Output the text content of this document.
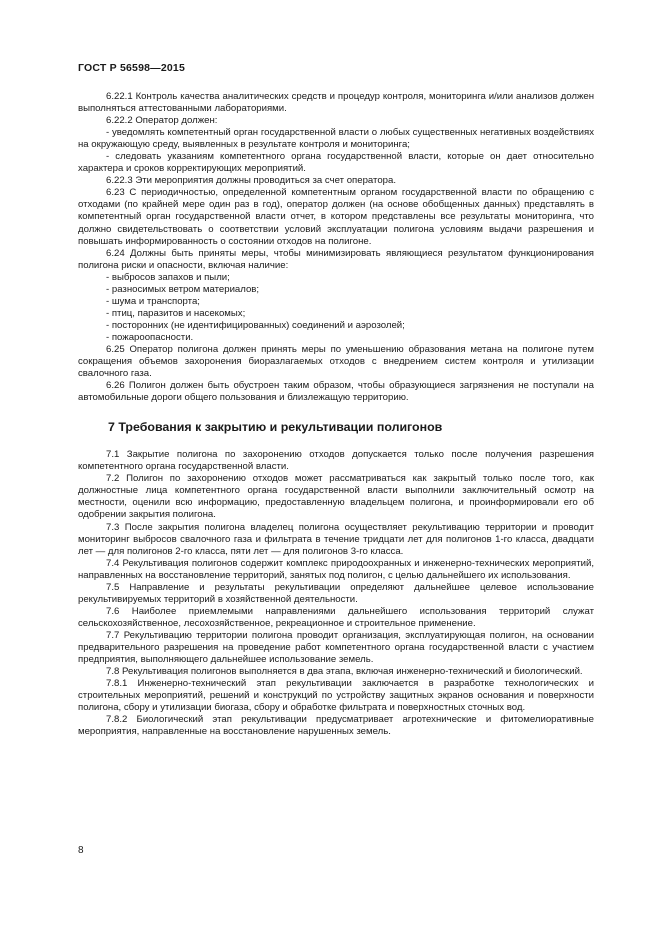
ГОСТ Р 56598—2015

6.22.1 Контроль качества аналитических средств и процедур контроля, мониторинга и/или анализов должен выполняться аттестованными лабораториями.

6.22.2 Оператор должен:

- уведомлять компетентный орган государственной власти о любых существенных негативных воздействиях на окружающую среду, выявленных в результате контроля и мониторинга;

- следовать указаниям компетентного органа государственной власти, которые он дает относительно характера и сроков корректирующих мероприятий.

6.22.3 Эти мероприятия должны проводиться за счет оператора.

6.23 С периодичностью, определенной компетентным органом государственной власти по обращению с отходами (по крайней мере один раз в год), оператор должен (на основе обобщенных данных) представлять в компетентный орган государственной власти отчет, в котором представлены все результаты мониторинга, что должно свидетельствовать о соответствии условий эксплуатации полигона условиям выдачи разрешения и повышать информированность о состоянии отходов на полигоне.

6.24 Должны быть приняты меры, чтобы минимизировать являющиеся результатом функционирования полигона риски и опасности, включая наличие:

- выбросов запахов и пыли;

- разносимых ветром материалов;

- шума и транспорта;

- птиц, паразитов и насекомых;

- посторонних (не идентифицированных) соединений и аэрозолей;

- пожароопасности.

6.25 Оператор полигона должен принять меры по уменьшению образования метана на полигоне путем сокращения объемов захоронения биоразлагаемых отходов с внедрением систем контроля и утилизации свалочного газа.

6.26 Полигон должен быть обустроен таким образом, чтобы образующиеся загрязнения не поступали на автомобильные дороги общего пользования и близлежащую территорию.

7 Требования к закрытию и рекультивации полигонов

7.1 Закрытие полигона по захоронению отходов допускается только после получения разрешения компетентного органа государственной власти.

7.2 Полигон по захоронению отходов может рассматриваться как закрытый только после того, как должностные лица компетентного органа государственной власти выполнили заключительный осмотр на местности, оценили всю информацию, предоставленную владельцем полигона, и проинформировали его об одобрении закрытия полигона.

7.3 После закрытия полигона владелец полигона осуществляет рекультивацию территории и проводит мониторинг выбросов свалочного газа и фильтрата в течение тридцати лет для полигонов 1-го класса, двадцати лет — для полигонов 2-го класса, пяти лет — для полигонов 3-го класса.

7.4 Рекультивация полигонов содержит комплекс природоохранных и инженерно-технических мероприятий, направленных на восстановление территорий, занятых под полигон, с целью дальнейшего их использования.

7.5 Направление и результаты рекультивации определяют дальнейшее целевое использование рекультивируемых территорий в хозяйственной деятельности.

7.6 Наиболее приемлемыми направлениями дальнейшего использования территорий служат сельскохозяйственное, лесохозяйственное, рекреационное и строительное применение.

7.7 Рекультивацию территории полигона проводит организация, эксплуатирующая полигон, на основании предварительного разрешения на проведение работ компетентного органа государственной власти с участием предприятия, выполняющего дальнейшее использование земель.

7.8 Рекультивация полигонов выполняется в два этапа, включая инженерно-технический и биологический.

7.8.1 Инженерно-технический этап рекультивации заключается в разработке технологических и строительных мероприятий, решений и конструкций по устройству защитных экранов основания и поверхности полигона, сбору и утилизации биогаза, сбору и обработке фильтрата и поверхностных сточных вод.

7.8.2 Биологический этап рекультивации предусматривает агротехнические и фитомелиоративные мероприятия, направленные на восстановление нарушенных земель.

8
